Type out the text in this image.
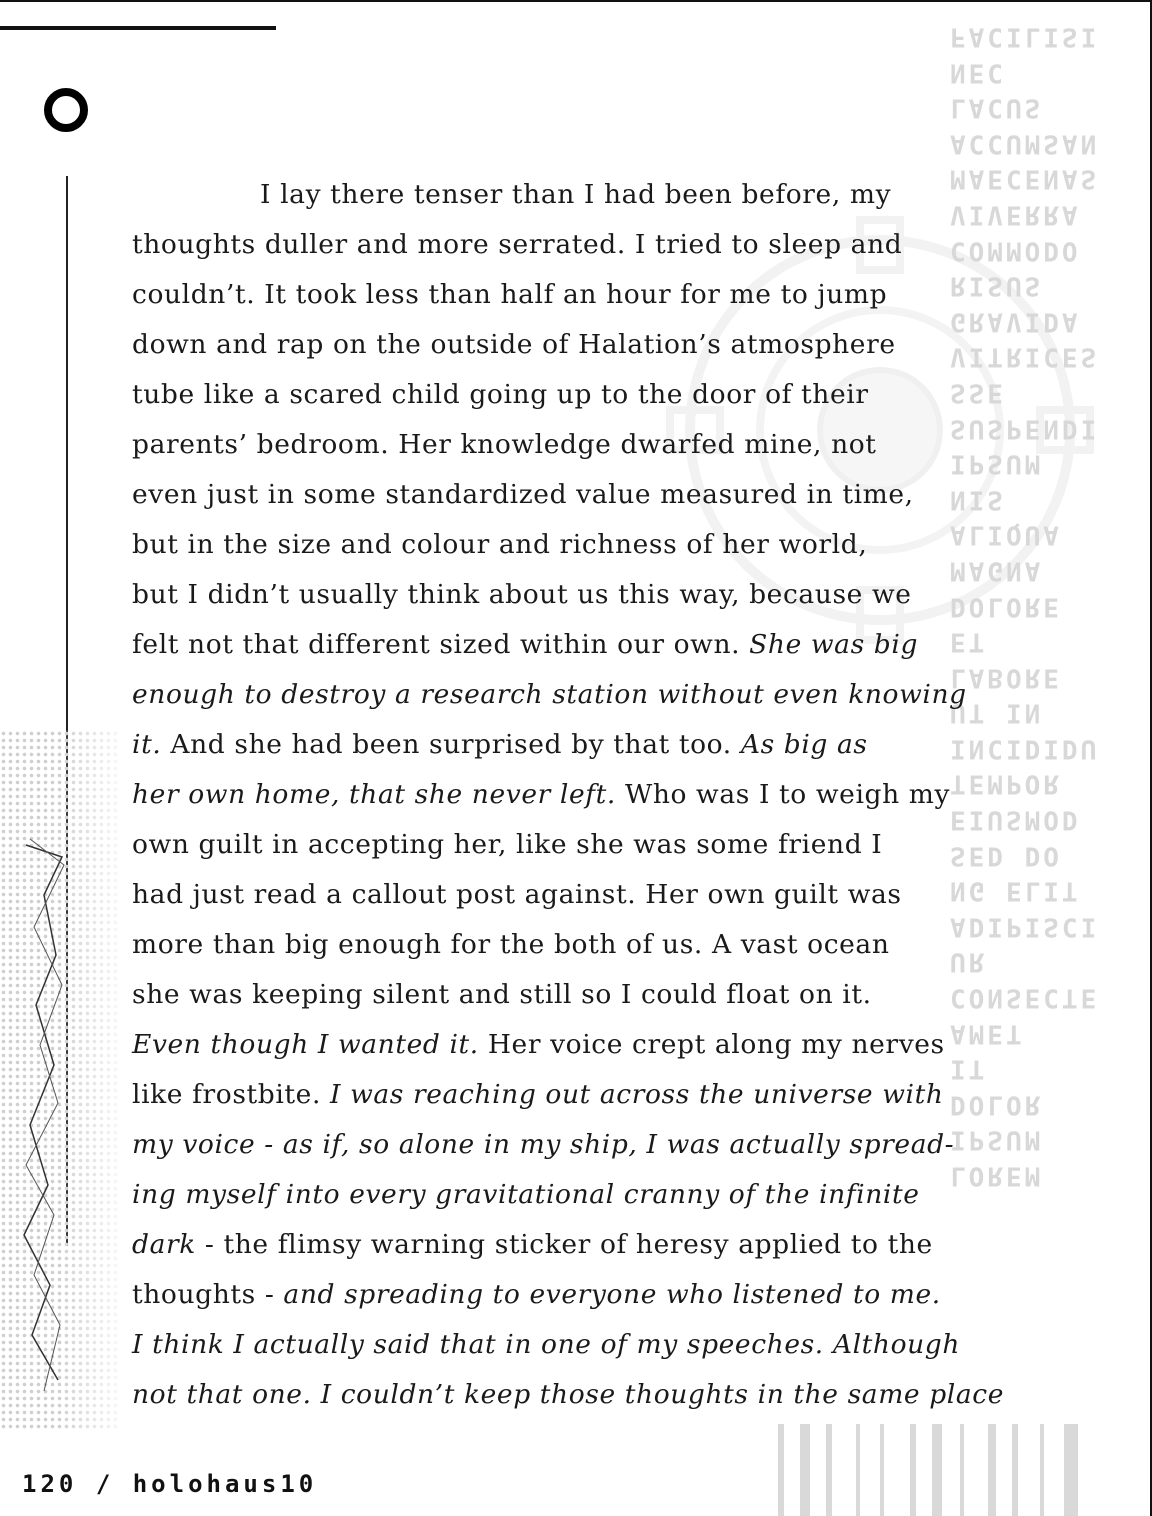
FACILISI
NEC
LACUS
ACCUMSAN
MAECENAS
VIVERRA
COMMODO
RISUS
GRAVIDA
VITRICES
SSE
SUSPENDI
IPSUM
NIS
ALIQUA
MAGNA
DOLORE
ET
LABORE
UT IN
INCIDIDU
TEMPOR
EIUSMOD
SED DO
NG ELIT
ADIPISCI
UR
CONSECTE
AMET
IT
DOLOR
IPSUM
LOREM
I lay there tenser than I had been before, my
thoughts duller and more serrated. I tried to sleep and
couldn’t. It took less than half an hour for me to jump
down and rap on the outside of Halation’s atmosphere
tube like a scared child going up to the door of their
parents’ bedroom. Her knowledge dwarfed mine, not
even just in some standardized value measured in time,
but in the size and colour and richness of her world,
but I didn’t usually think about us this way, because we
felt not that different sized within our own. She was big
enough to destroy a research station without even knowing
it. And she had been surprised by that too. As big as
her own home, that she never left. Who was I to weigh my
own guilt in accepting her, like she was some friend I
had just read a callout post against. Her own guilt was
more than big enough for the both of us. A vast ocean
she was keeping silent and still so I could float on it.
Even though I wanted it. Her voice crept along my nerves
like frostbite. I was reaching out across the universe with
my voice - as if, so alone in my ship, I was actually spread-
ing myself into every gravitational cranny of the infinite
dark - the flimsy warning sticker of heresy applied to the
thoughts - and spreading to everyone who listened to me.
I think I actually said that in one of my speeches. Although
not that one. I couldn’t keep those thoughts in the same place
120 / holohaus10
